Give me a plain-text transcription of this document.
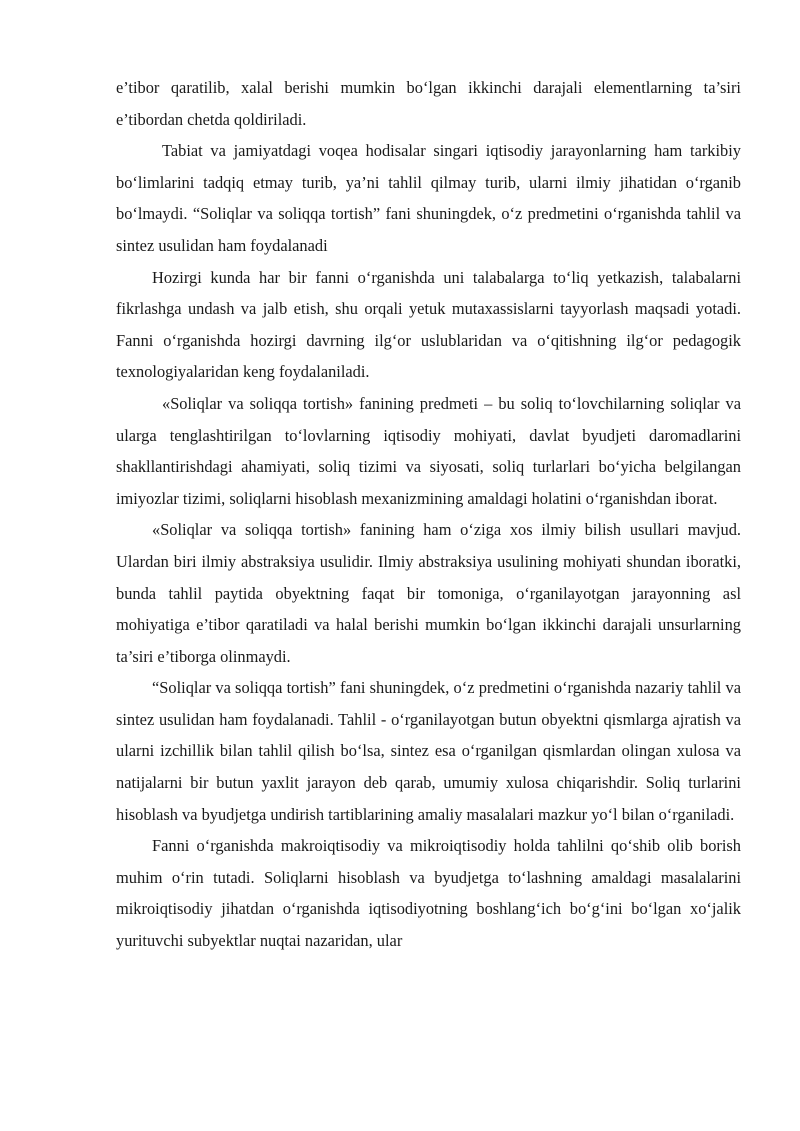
e’tibor qaratilib, xalal berishi mumkin bo‘lgan ikkinchi darajali elementlarning ta’siri e’tibordan chetda qoldiriladi.

Tabiat va jamiyatdagi voqea hodisalar singari iqtisodiy jarayonlarning ham tarkibiy bo‘limlarini tadqiq etmay turib, ya’ni tahlil qilmay turib, ularni ilmiy jihatidan o‘rganib bo‘lmaydi. “Soliqlar va soliqqa tortish” fani shuningdek, o‘z predmetini o‘rganishda tahlil va sintez usulidan ham foydalanadi

Hozirgi kunda har bir fanni o‘rganishda uni talabalarga to‘liq yetkazish, talabalarni fikrlashga undash va jalb etish, shu orqali yetuk mutaxassislarni tayyorlash maqsadi yotadi. Fanni o‘rganishda hozirgi davrning ilg‘or uslublaridan va o‘qitishning ilg‘or pedagogik texnologiyalaridan keng foydalaniladi.

«Soliqlar va soliqqa tortish» fanining predmeti – bu soliq to‘lovchilarning soliqlar va ularga tenglashtirilgan to‘lovlarning iqtisodiy mohiyati, davlat byudjeti daromadlarini shakllantirishdagi ahamiyati, soliq tizimi va siyosati, soliq turlarlari bo‘yicha belgilangan imiyozlar tizimi, soliqlarni hisoblash mexanizmining amaldagi holatini o‘rganishdan iborat.

«Soliqlar va soliqqa tortish» fanining ham o‘ziga xos ilmiy bilish usullari mavjud. Ulardan biri ilmiy abstraksiya usulidir. Ilmiy abstraksiya usulining mohiyati shundan iboratki, bunda tahlil paytida obyektning faqat bir tomoniga, o‘rganilayotgan jarayonning asl mohiyatiga e’tibor qaratiladi va halal berishi mumkin bo‘lgan ikkinchi darajali unsurlarning ta’siri e’tiborga olinmaydi.

“Soliqlar va soliqqa tortish” fani shuningdek, o‘z predmetini o‘rganishda nazariy tahlil va sintez usulidan ham foydalanadi. Tahlil - o‘rganilayotgan butun obyektni qismlarga ajratish va ularni izchillik bilan tahlil qilish bo‘lsa, sintez esa o‘rganilgan qismlardan olingan xulosa va natijalarni bir butun yaxlit jarayon deb qarab, umumiy xulosa chiqarishdir. Soliq turlarini hisoblash va byudjetga undirish tartiblarining amaliy masalalari mazkur yo‘l bilan o‘rganiladi.

Fanni o‘rganishda makroiqtisodiy va mikroiqtisodiy holda tahlilni qo‘shib olib borish muhim o‘rin tutadi. Soliqlarni hisoblash va byudjetga to‘lashning amaldagi masalalarini mikroiqtisodiy jihatdan o‘rganishda iqtisodiyotning boshlang‘ich bo‘g‘ini bo‘lgan xo‘jalik yurituvchi subyektlar nuqtai nazaridan, ular
